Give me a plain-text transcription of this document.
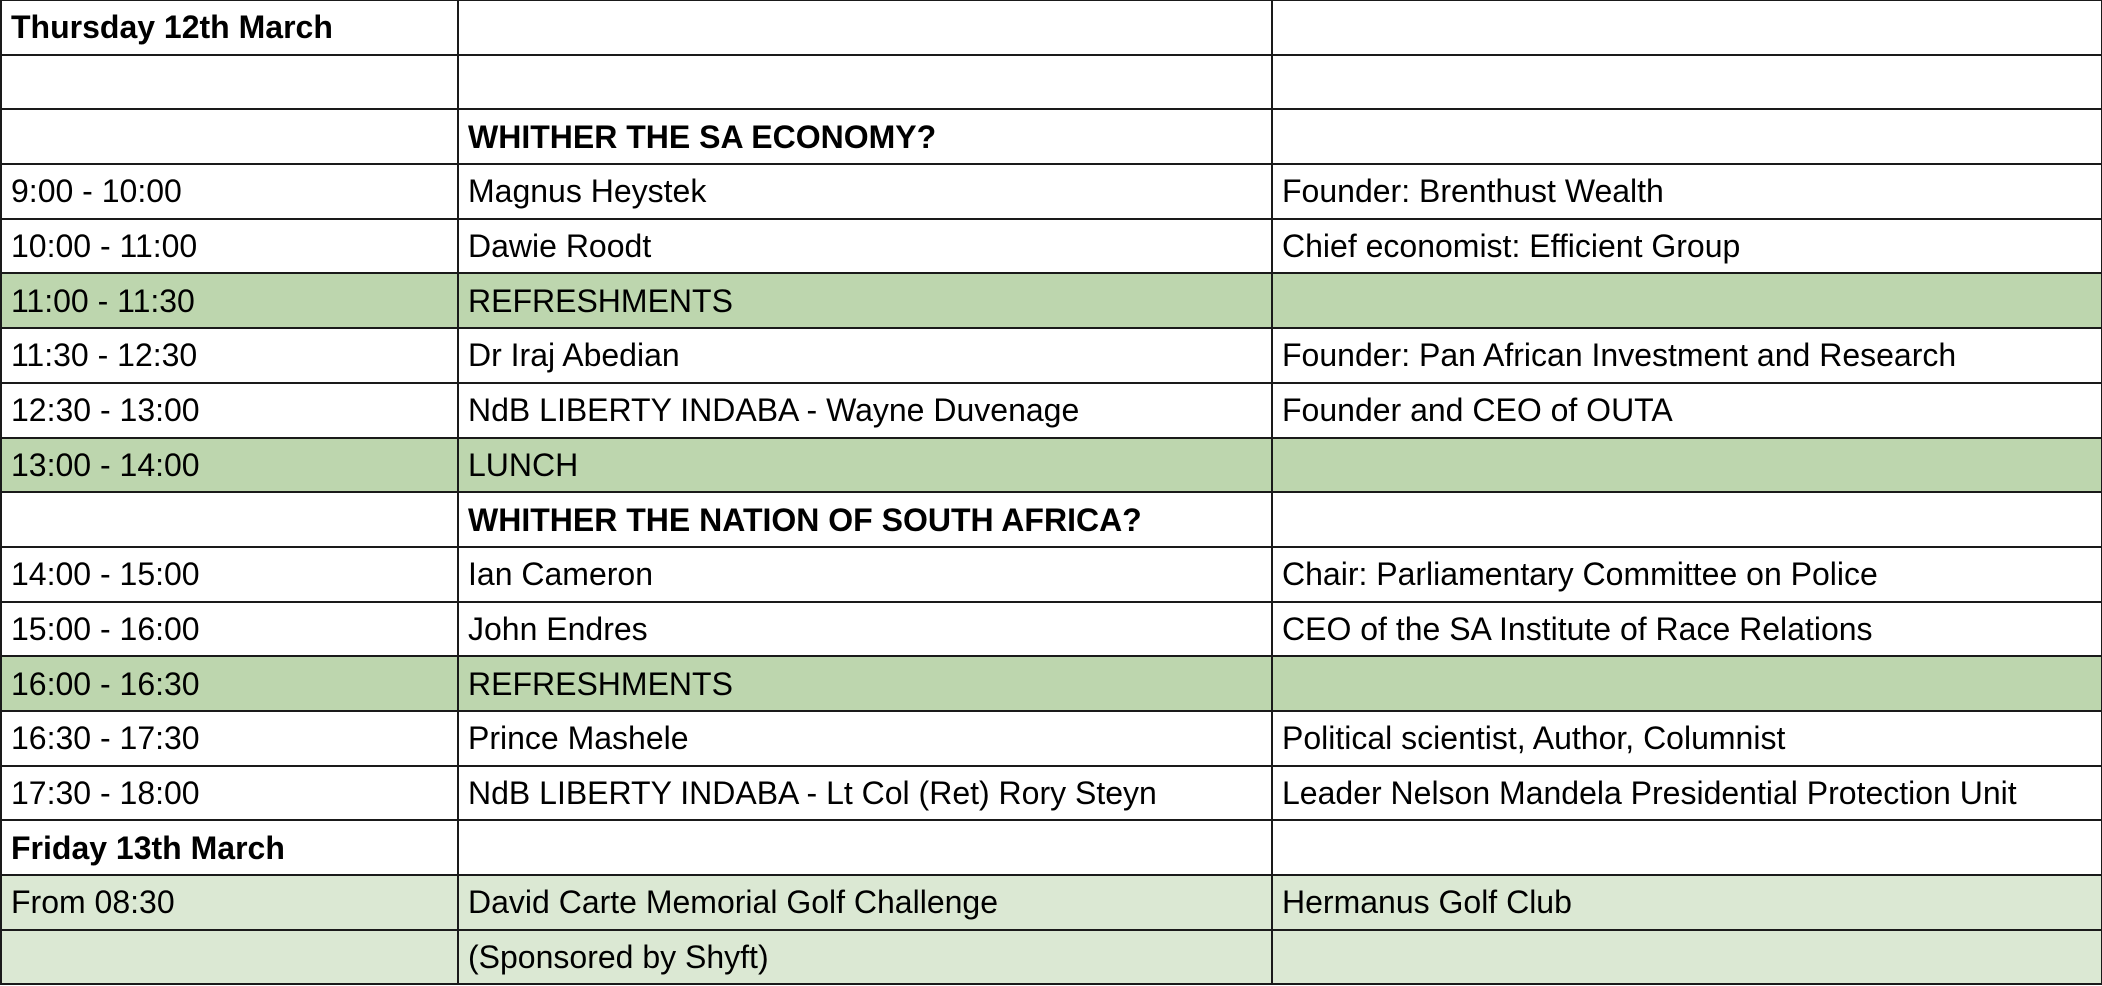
Thursday 12th March		

	WHITHER THE SA ECONOMY?	
9:00 - 10:00	Magnus Heystek	Founder: Brenthust Wealth
10:00 - 11:00	Dawie Roodt	Chief economist: Efficient Group
11:00 - 11:30	REFRESHMENTS	
11:30 - 12:30	Dr Iraj Abedian	Founder: Pan African Investment and Research
12:30 - 13:00	NdB LIBERTY INDABA - Wayne Duvenage	Founder and CEO of OUTA
13:00 - 14:00	LUNCH	
	WHITHER THE NATION OF SOUTH AFRICA?	
14:00 - 15:00	Ian Cameron	Chair: Parliamentary Committee on Police
15:00 - 16:00	John Endres	CEO of the SA Institute of Race Relations
16:00 - 16:30	REFRESHMENTS	
16:30 - 17:30	Prince Mashele	Political scientist, Author, Columnist
17:30 - 18:00	NdB LIBERTY INDABA - Lt Col (Ret) Rory Steyn	Leader Nelson Mandela Presidential Protection Unit
Friday 13th March		
From 08:30	David Carte Memorial Golf Challenge	Hermanus Golf Club
	(Sponsored by Shyft)	
